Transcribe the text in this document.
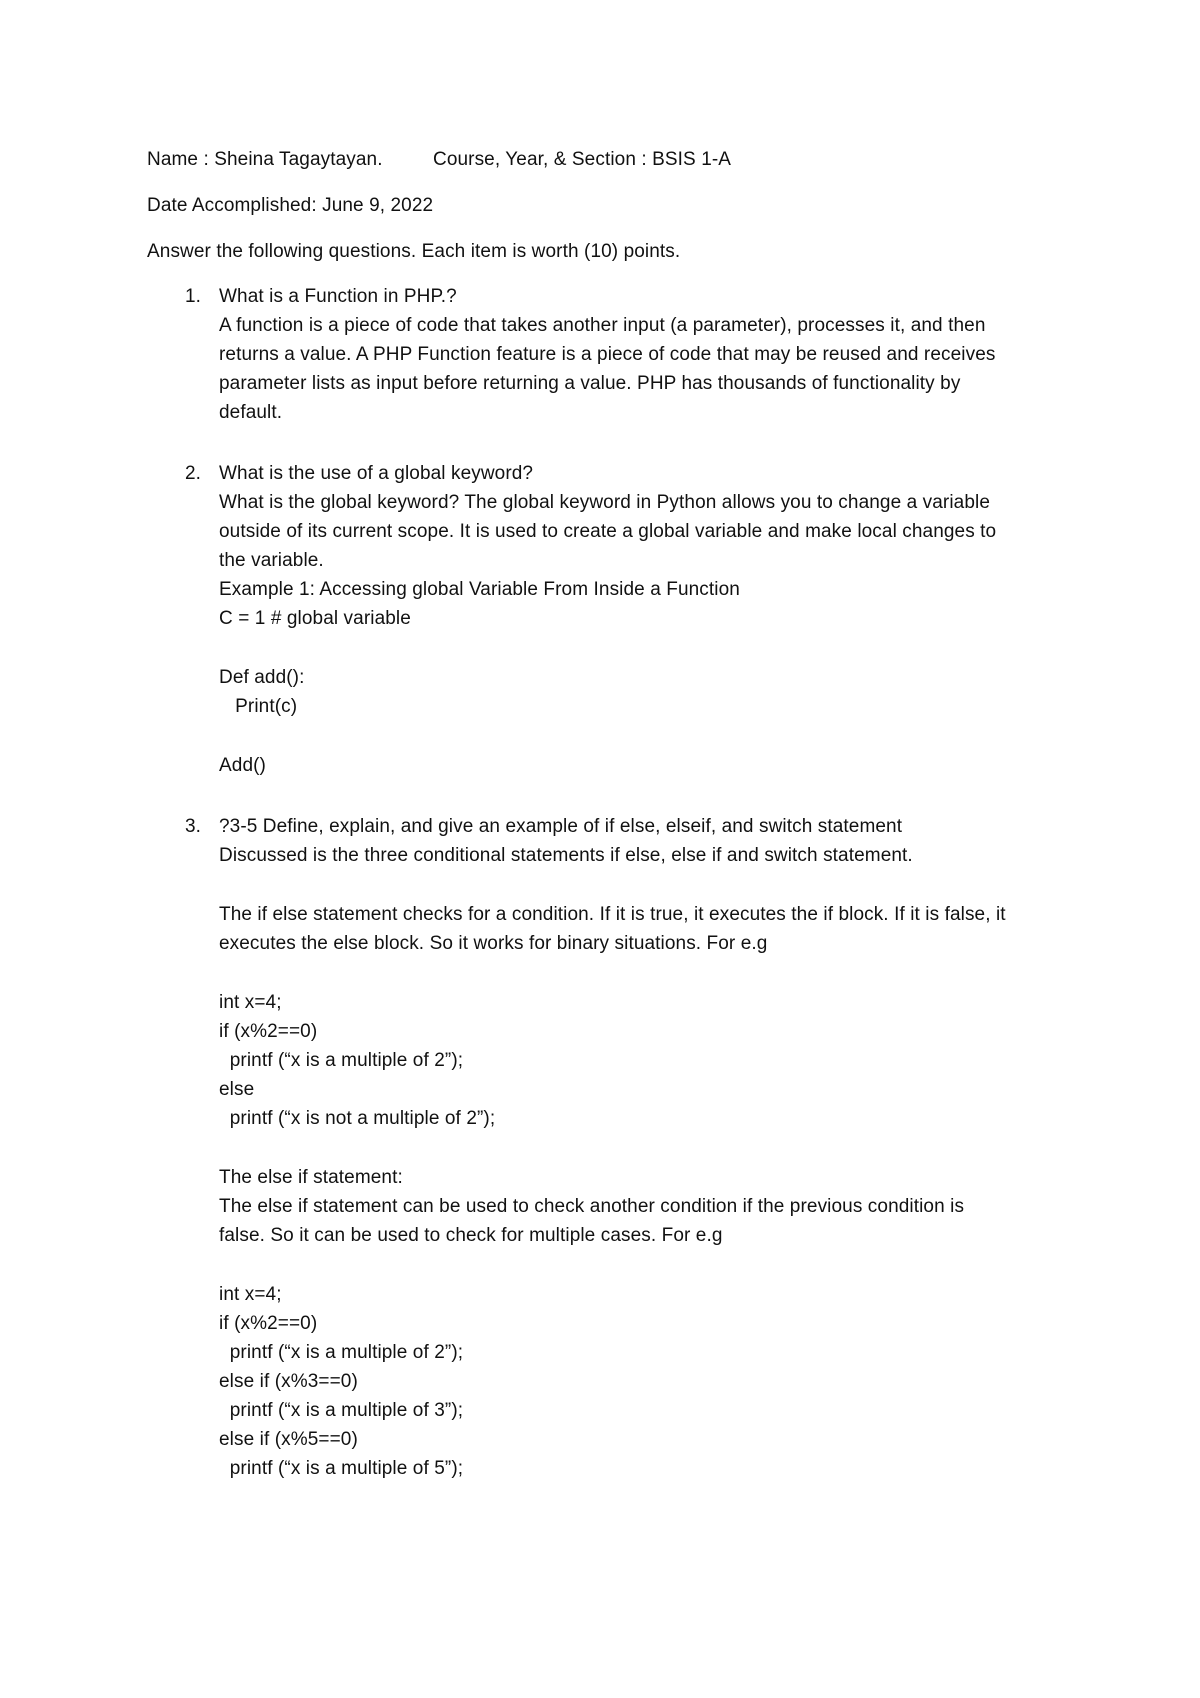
Name : Sheina Tagaytayan.	Course, Year, & Section : BSIS 1-A
Date Accomplished: June 9, 2022
Answer the following questions. Each item is worth (10) points.
1. What is a Function in PHP.?
A function is a piece of code that takes another input (a parameter), processes it, and then
returns a value. A PHP Function feature is a piece of code that may be reused and receives
parameter lists as input before returning a value. PHP has thousands of functionality by
default.
2. What is the use of a global keyword?
What is the global keyword? The global keyword in Python allows you to change a variable
outside of its current scope. It is used to create a global variable and make local changes to
the variable.
Example 1: Accessing global Variable From Inside a Function
C = 1 # global variable
Def add():
Print(c)
Add()
3. ?3-5 Define, explain, and give an example of if else, elseif, and switch statement
Discussed is the three conditional statements if else, else if and switch statement.
The if else statement checks for a condition. If it is true, it executes the if block. If it is false, it
executes the else block. So it works for binary situations. For e.g
int x=4;
if (x%2==0)
printf (“x is a multiple of 2”);
else
printf (“x is not a multiple of 2”);
The else if statement:
The else if statement can be used to check another condition if the previous condition is
false. So it can be used to check for multiple cases. For e.g
int x=4;
if (x%2==0)
printf (“x is a multiple of 2”);
else if (x%3==0)
printf (“x is a multiple of 3”);
else if (x%5==0)
printf (“x is a multiple of 5”);
